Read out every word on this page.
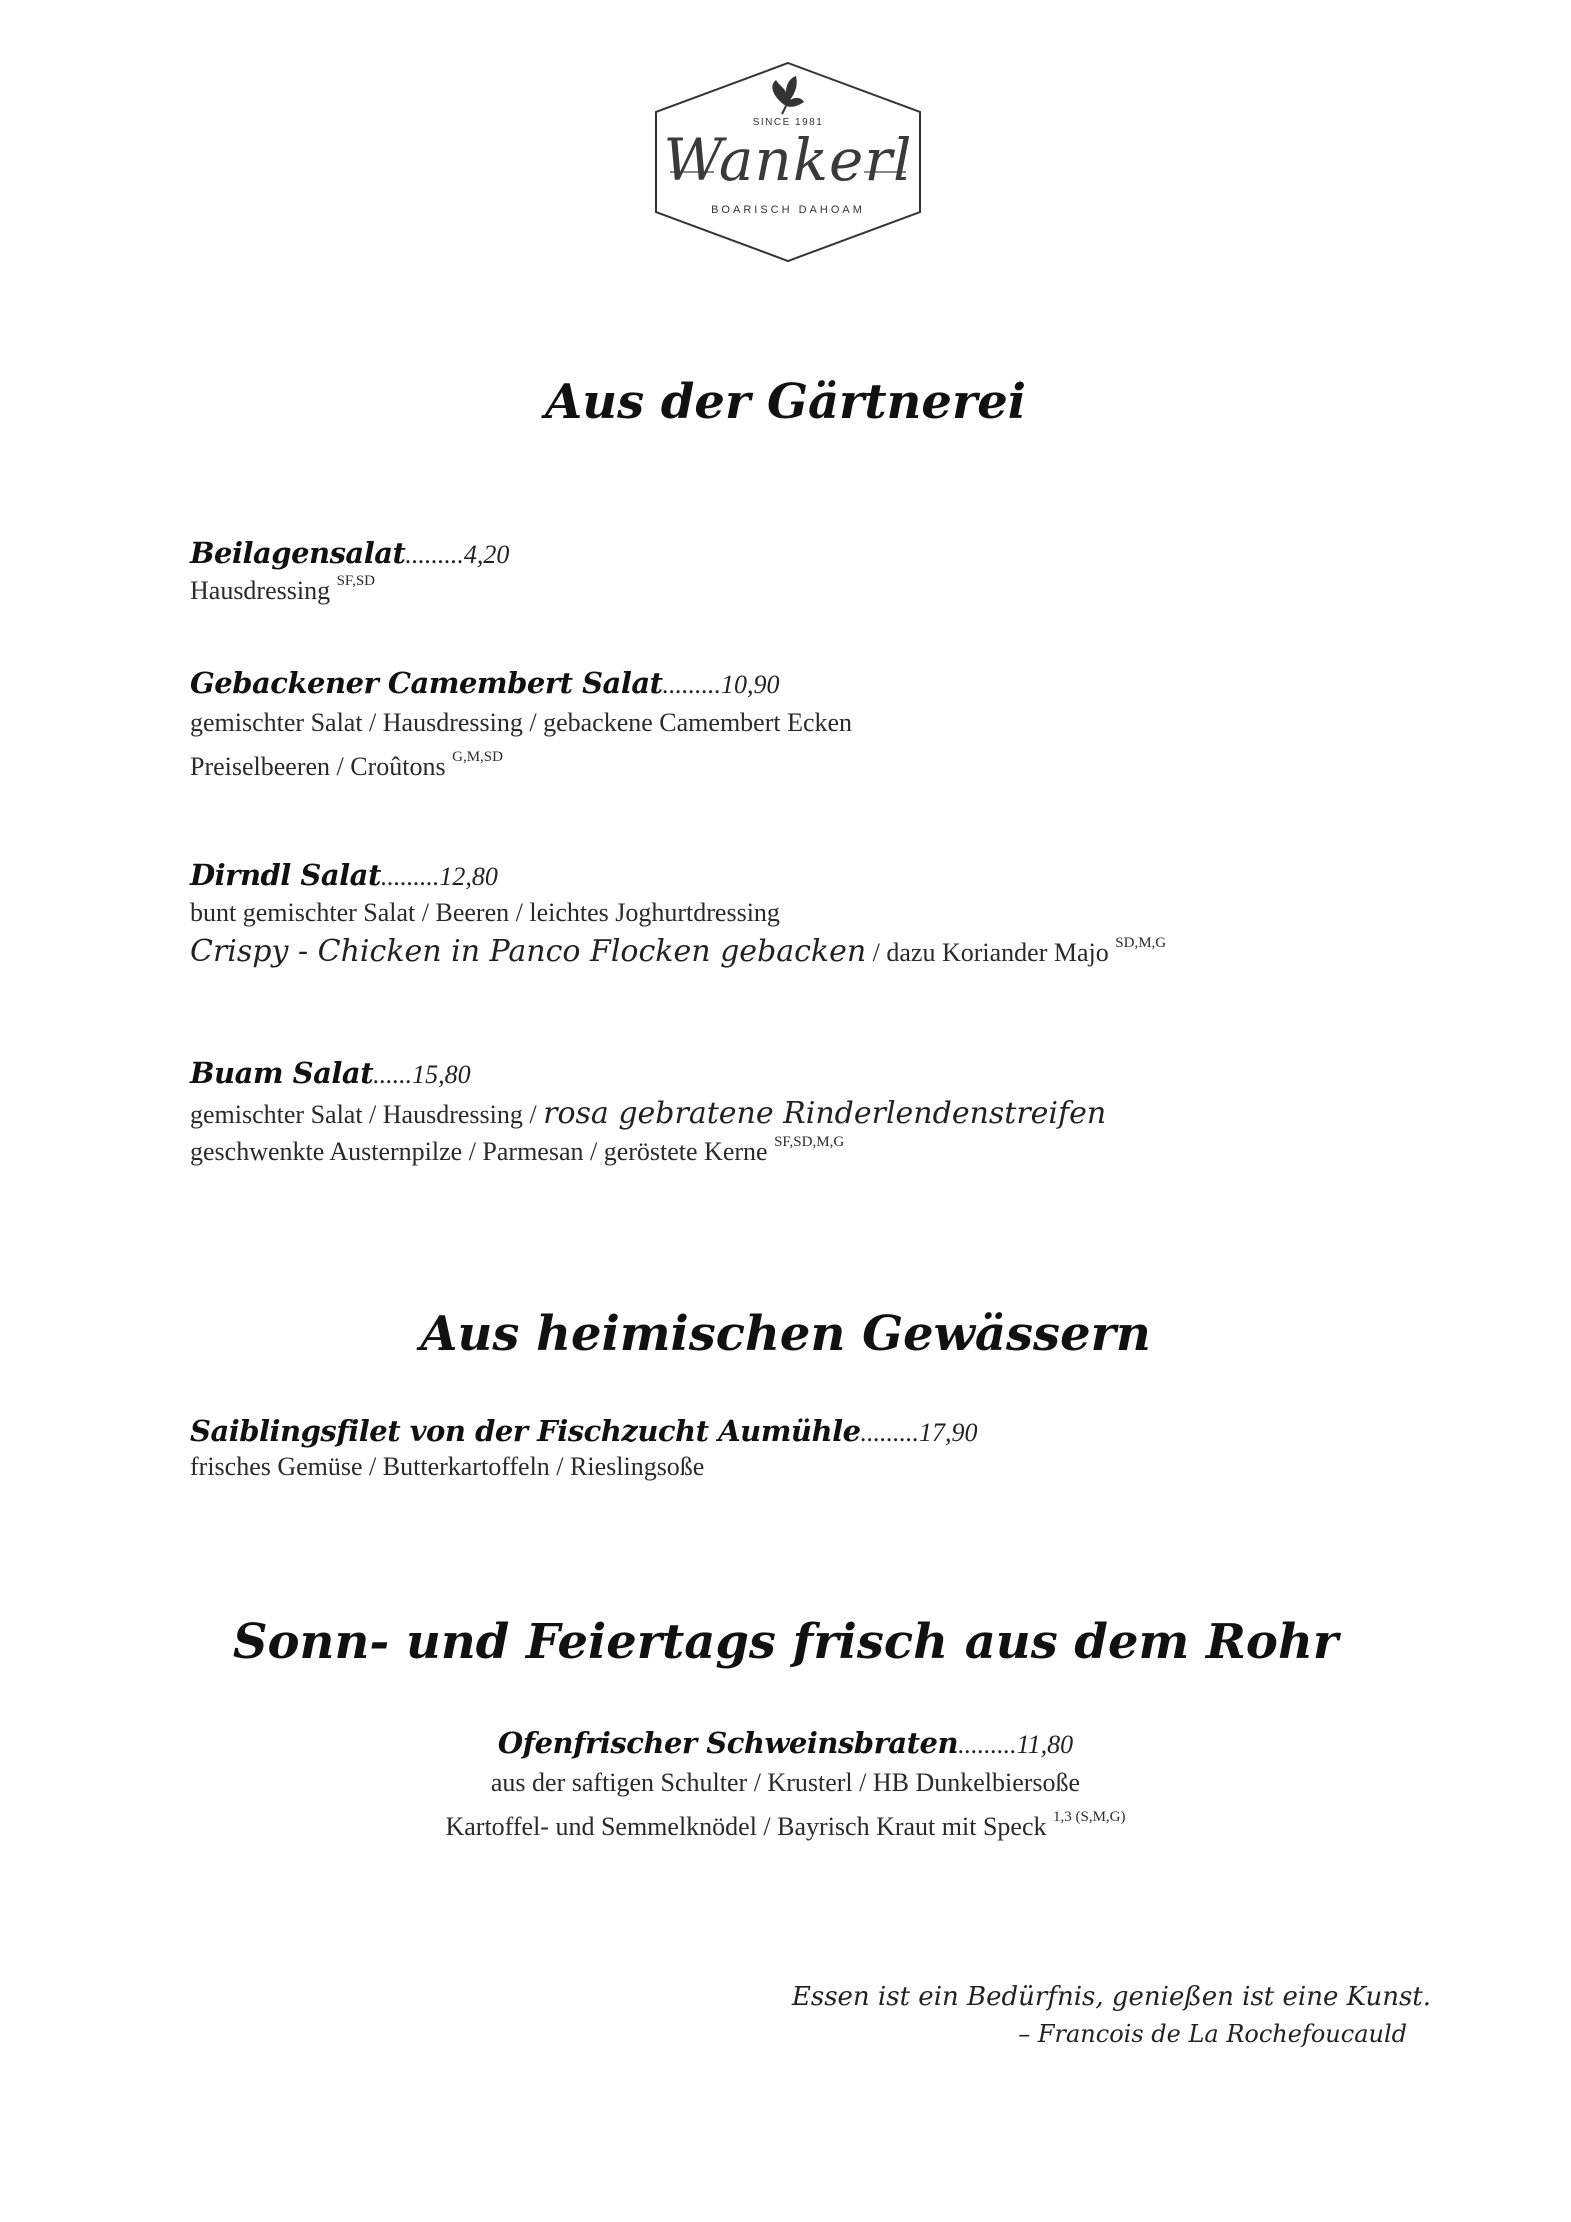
SINCE 1981
Wankerl
BOARISCH DAHOAM
Aus der Gärtnerei
Beilagensalat.........4,20
Hausdressing $^{SF,SD}$
Gebackener Camembert Salat.........10,90
gemischter Salat / Hausdressing / gebackene Camembert Ecken
Preiselbeeren / Croûtons $^{G,M,SD}$
Dirndl Salat.........12,80
bunt gemischter Salat / Beeren / leichtes Joghurtdressing
Crispy - Chicken in Panco Flocken gebacken / dazu Koriander Majo $^{SD,M,G}$
Buam Salat......15,80
gemischter Salat / Hausdressing / rosa gebratene Rinderlendenstreifen
geschwenkte Austernpilze / Parmesan / geröstete Kerne $^{SF,SD,M,G}$
Aus heimischen Gewässern
Saiblingsfilet von der Fischzucht Aumühle.........17,90
frisches Gemüse / Butterkartoffeln / Rieslingsoße
Sonn- und Feiertags frisch aus dem Rohr
Ofenfrischer Schweinsbraten.........11,80
aus der saftigen Schulter / Krusterl / HB Dunkelbiersoße
Kartoffel- und Semmelknödel / Bayrisch Kraut mit Speck $^{1,3 (S,M,G)}$
Essen ist ein Bedürfnis, genießen ist eine Kunst.
– Francois de La Rochefoucauld
